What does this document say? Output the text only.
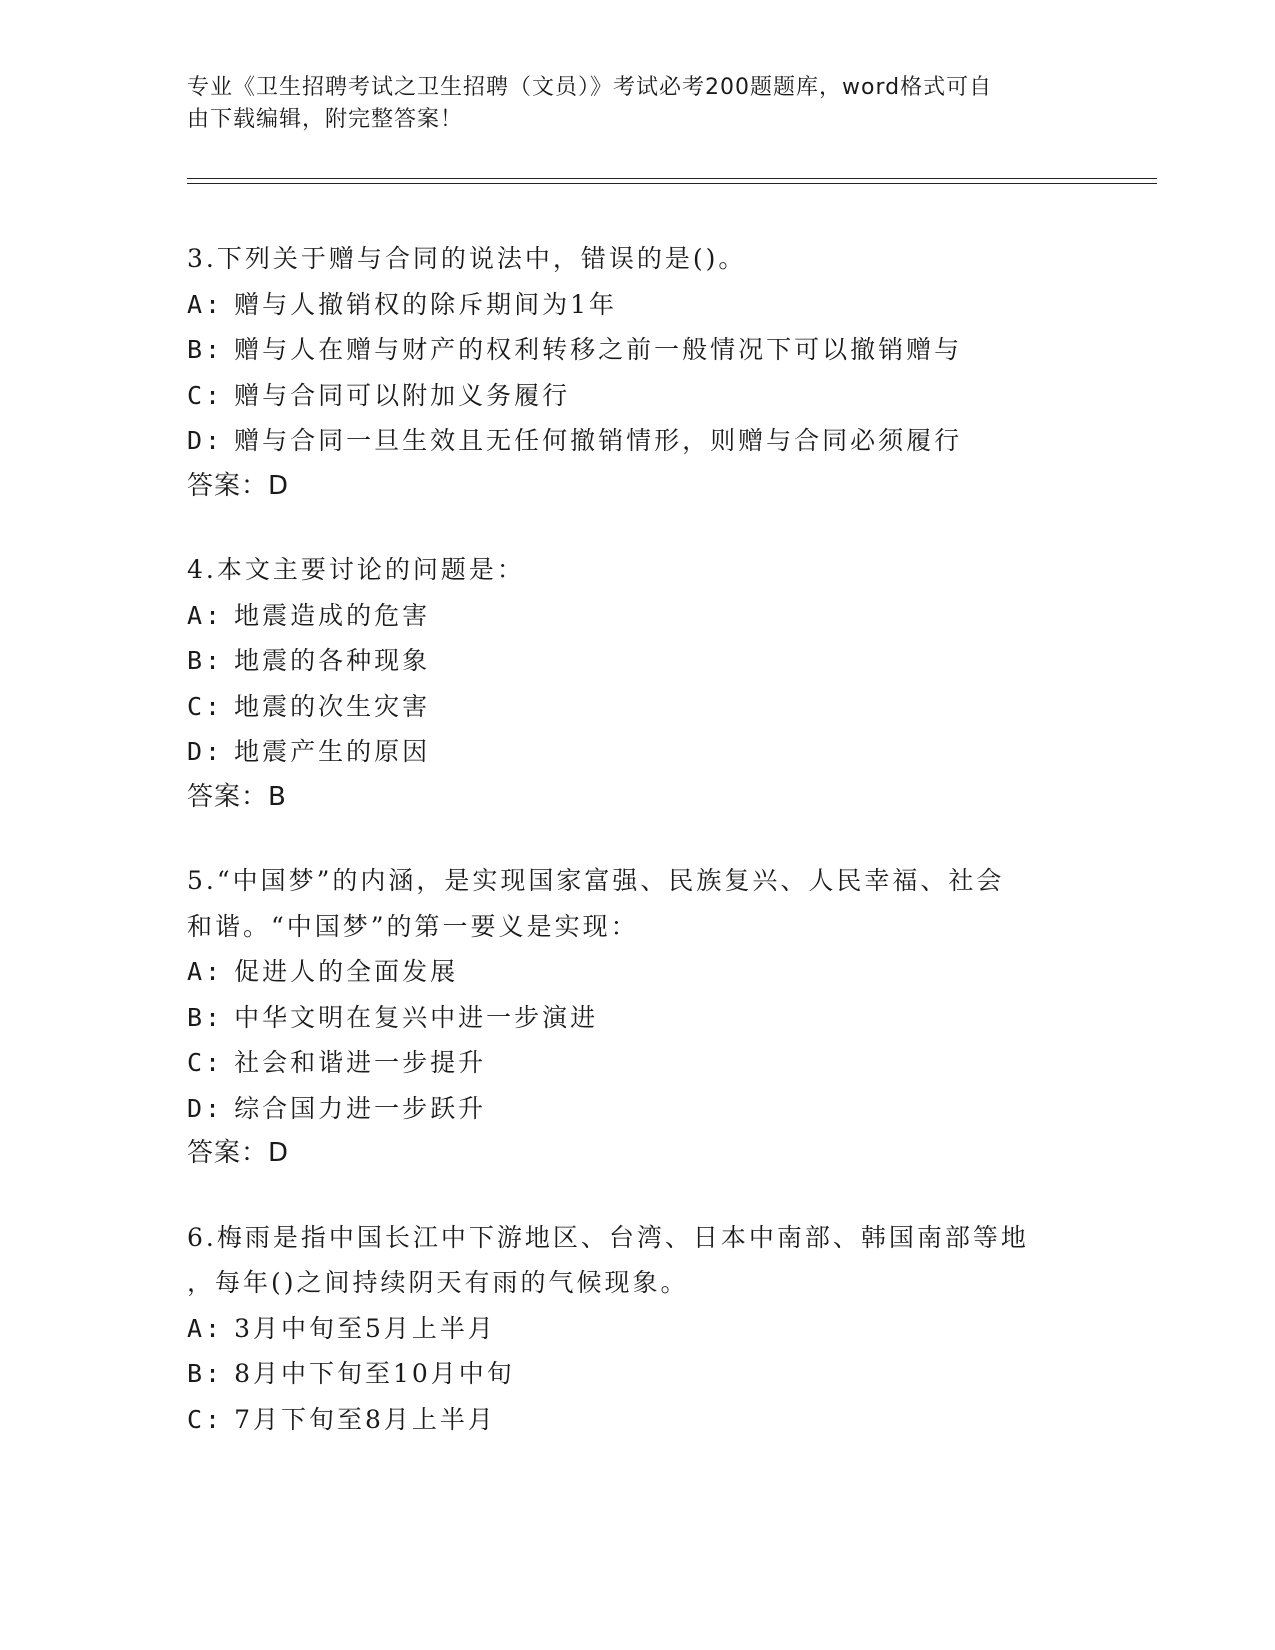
专业《卫生招聘考试之卫生招聘（文员）》考试必考200题题库，word格式可自
由下载编辑，附完整答案！
3.下列关于赠与合同的说法中，错误的是()。
A: 赠与人撤销权的除斥期间为1年
B: 赠与人在赠与财产的权利转移之前一般情况下可以撤销赠与
C: 赠与合同可以附加义务履行
D: 赠与合同一旦生效且无任何撤销情形，则赠与合同必须履行
答案：D
4.本文主要讨论的问题是：
A: 地震造成的危害
B: 地震的各种现象
C: 地震的次生灾害
D: 地震产生的原因
答案：B
5.“中国梦”的内涵，是实现国家富强、民族复兴、人民幸福、社会
和谐。“中国梦”的第一要义是实现：
A: 促进人的全面发展
B: 中华文明在复兴中进一步演进
C: 社会和谐进一步提升
D: 综合国力进一步跃升
答案：D
6.梅雨是指中国长江中下游地区、台湾、日本中南部、韩国南部等地
，每年()之间持续阴天有雨的气候现象。
A: 3月中旬至5月上半月
B: 8月中下旬至10月中旬
C: 7月下旬至8月上半月
